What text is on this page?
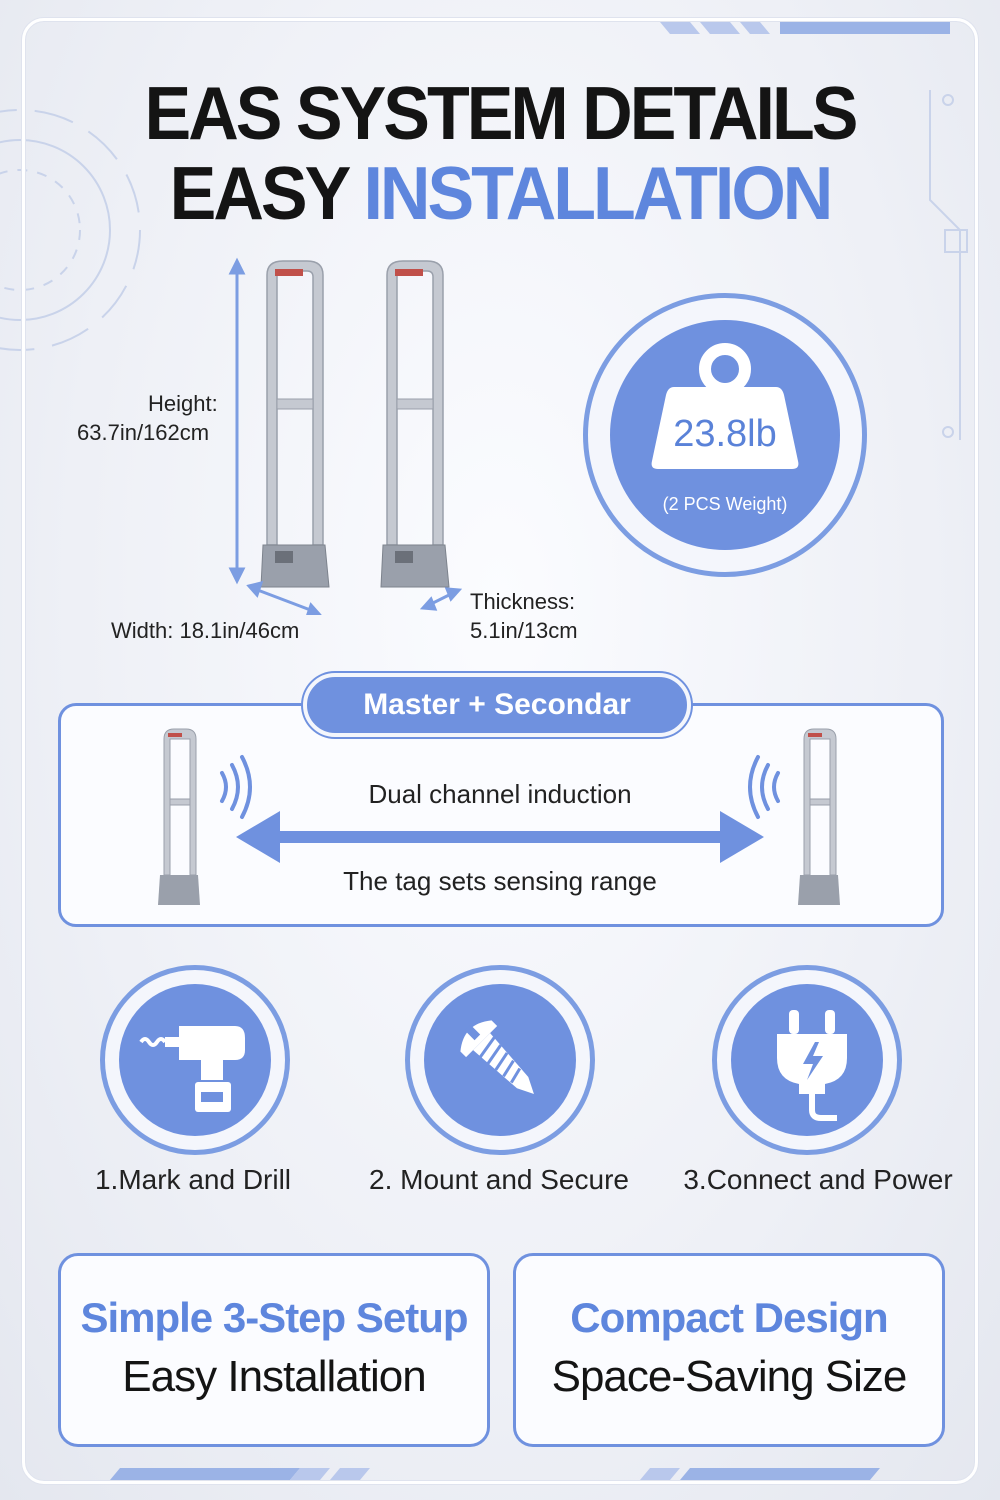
EAS SYSTEM DETAILS
EASY INSTALLATION
Height:
63.7in/162cm
Width: 18.1in/46cm
Thickness:
5.1in/13cm
23.8lb
(2 PCS Weight)
Master + Secondar
Dual channel induction
The tag sets sensing range
1.Mark and Drill	2. Mount and Secure	3.Connect and Power
Simple 3-Step Setup
Easy Installation
Compact Design
Space-Saving Size
